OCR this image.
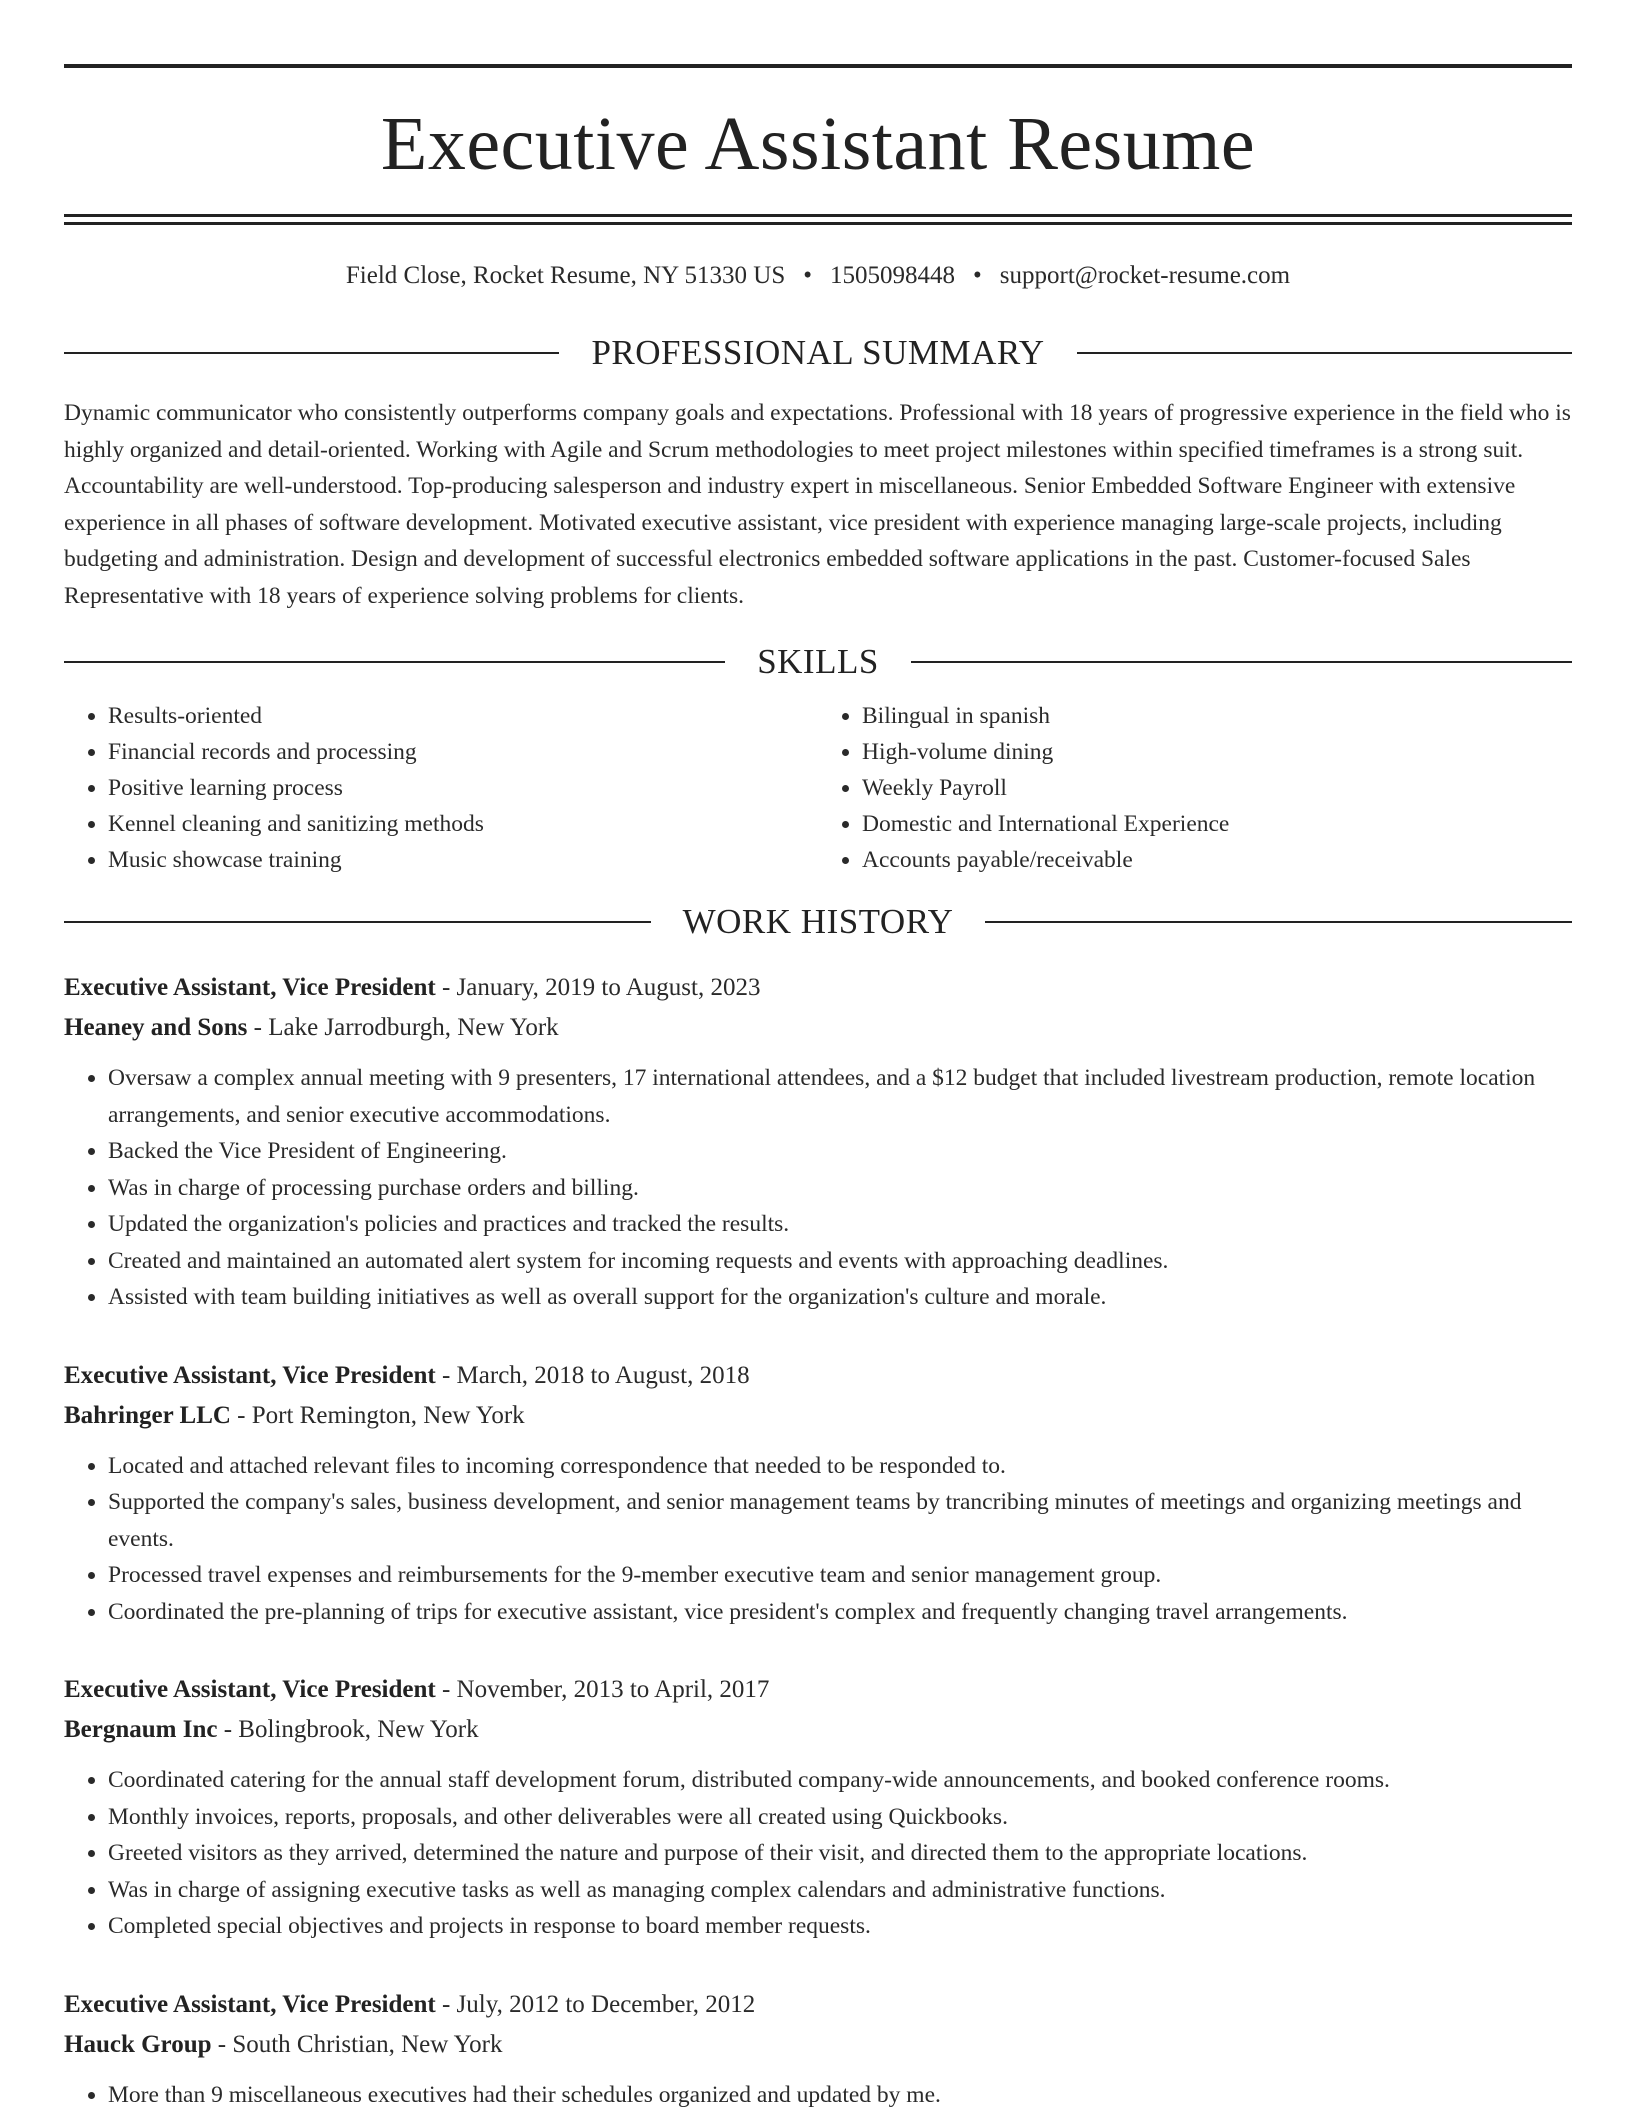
Executive Assistant Resume
Field Close, Rocket Resume, NY 51330 US • 1505098448 • support@rocket-resume.com
PROFESSIONAL SUMMARY

Dynamic communicator who consistently outperforms company goals and expectations. Professional with 18 years of progressive experience in the field who is highly organized and detail-oriented. Working with Agile and Scrum methodologies to meet project milestones within specified timeframes is a strong suit. Accountability are well-understood. Top-producing salesperson and industry expert in miscellaneous. Senior Embedded Software Engineer with extensive experience in all phases of software development. Motivated executive assistant, vice president with experience managing large-scale projects, including budgeting and administration. Design and development of successful electronics embedded software applications in the past. Customer-focused Sales Representative with 18 years of experience solving problems for clients.

SKILLS
• Results-oriented
• Financial records and processing
• Positive learning process
• Kennel cleaning and sanitizing methods
• Music showcase training
• Bilingual in spanish
• High-volume dining
• Weekly Payroll
• Domestic and International Experience
• Accounts payable/receivable
WORK HISTORY
Executive Assistant, Vice President - January, 2019 to August, 2023
Heaney and Sons - Lake Jarrodburgh, New York
• Oversaw a complex annual meeting with 9 presenters, 17 international attendees, and a $12 budget that included livestream production, remote location arrangements, and senior executive accommodations.
• Backed the Vice President of Engineering.
• Was in charge of processing purchase orders and billing.
• Updated the organization's policies and practices and tracked the results.
• Created and maintained an automated alert system for incoming requests and events with approaching deadlines.
• Assisted with team building initiatives as well as overall support for the organization's culture and morale.
Executive Assistant, Vice President - March, 2018 to August, 2018
Bahringer LLC - Port Remington, New York
• Located and attached relevant files to incoming correspondence that needed to be responded to.
• Supported the company's sales, business development, and senior management teams by trancribing minutes of meetings and organizing meetings and events.
• Processed travel expenses and reimbursements for the 9-member executive team and senior management group.
• Coordinated the pre-planning of trips for executive assistant, vice president's complex and frequently changing travel arrangements.
Executive Assistant, Vice President - November, 2013 to April, 2017
Bergnaum Inc - Bolingbrook, New York
• Coordinated catering for the annual staff development forum, distributed company-wide announcements, and booked conference rooms.
• Monthly invoices, reports, proposals, and other deliverables were all created using Quickbooks.
• Greeted visitors as they arrived, determined the nature and purpose of their visit, and directed them to the appropriate locations.
• Was in charge of assigning executive tasks as well as managing complex calendars and administrative functions.
• Completed special objectives and projects in response to board member requests.
Executive Assistant, Vice President - July, 2012 to December, 2012
Hauck Group - South Christian, New York
• More than 9 miscellaneous executives had their schedules organized and updated by me.
